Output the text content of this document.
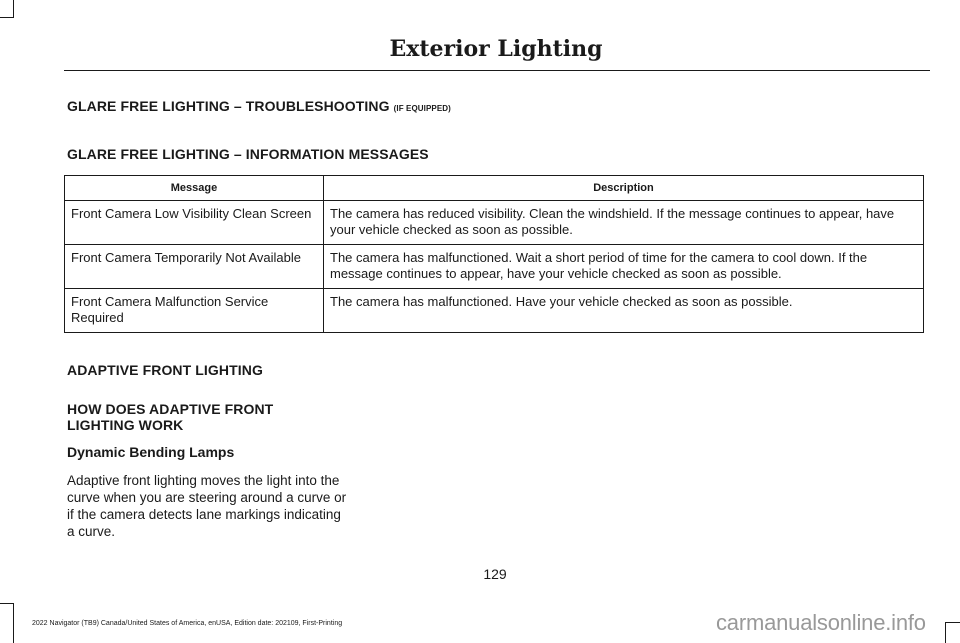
Exterior Lighting
GLARE FREE LIGHTING – TROUBLESHOOTING (IF EQUIPPED)
GLARE FREE LIGHTING – INFORMATION MESSAGES
Message	Description
Front Camera Low Visibility Clean Screen	The camera has reduced visibility. Clean the windshield. If the message continues to appear, have your vehicle checked as soon as possible.
Front Camera Temporarily Not Available	The camera has malfunctioned. Wait a short period of time for the camera to cool down. If the message continues to appear, have your vehicle checked as soon as possible.
Front Camera Malfunction Service Required	The camera has malfunctioned. Have your vehicle checked as soon as possible.
ADAPTIVE FRONT LIGHTING
HOW DOES ADAPTIVE FRONT LIGHTING WORK
Dynamic Bending Lamps
Adaptive front lighting moves the light into the curve when you are steering around a curve or if the camera detects lane markings indicating a curve.
129
2022 Navigator (TB9) Canada/United States of America, enUSA, Edition date: 202109, First-Printing	carmanualsonline.info
